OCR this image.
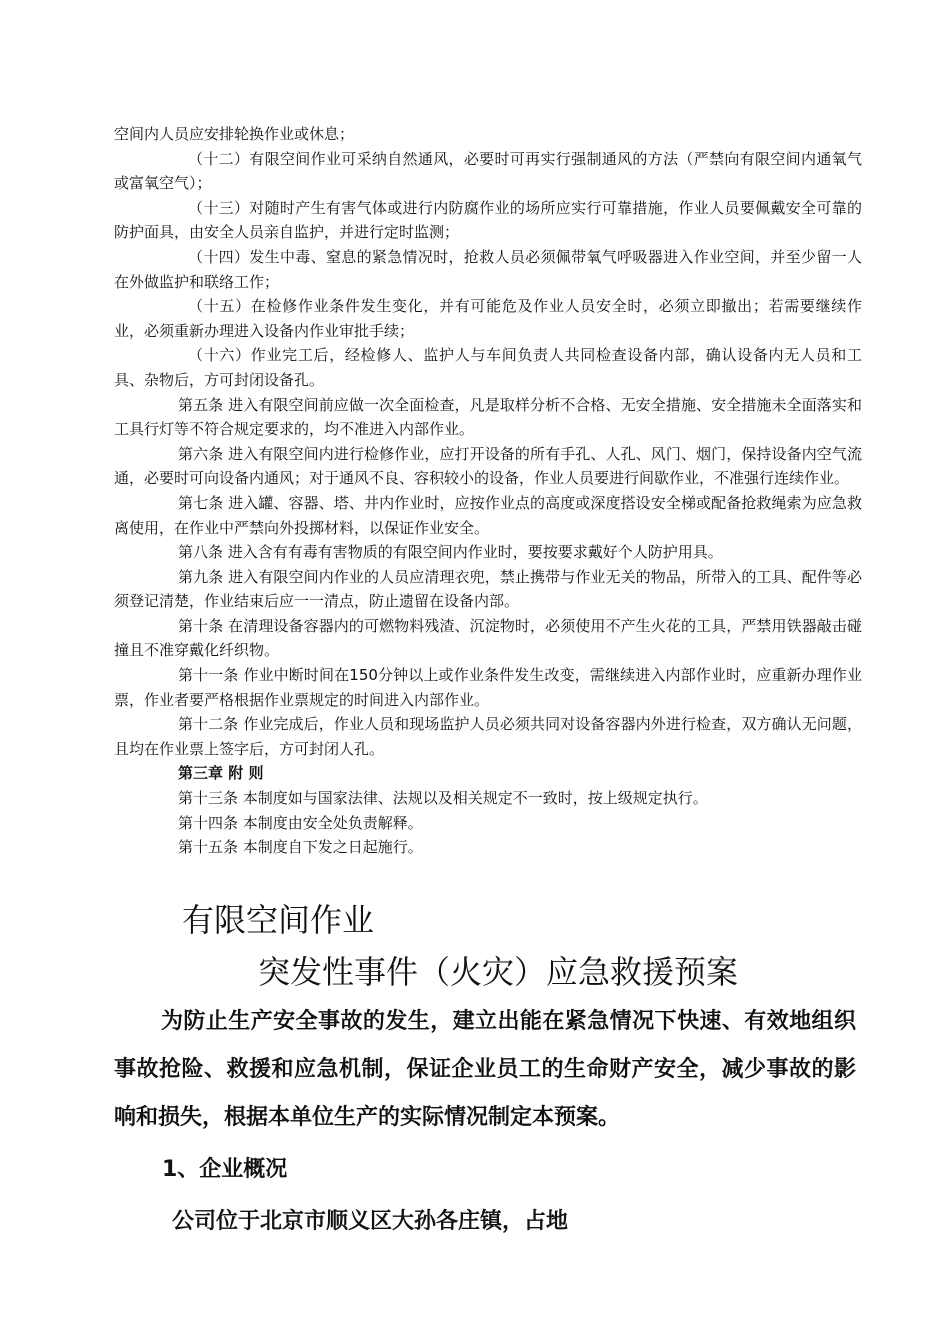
空间内人员应安排轮换作业或休息；

（十二）有限空间作业可采纳自然通风，必要时可再实行强制通风的方法（严禁向有限空间内通氧气或富氧空气）；

（十三）对随时产生有害气体或进行内防腐作业的场所应实行可靠措施，作业人员要佩戴安全可靠的防护面具，由安全人员亲自监护，并进行定时监测；

（十四）发生中毒、窒息的紧急情况时，抢救人员必须佩带氧气呼吸器进入作业空间，并至少留一人在外做监护和联络工作；

（十五）在检修作业条件发生变化，并有可能危及作业人员安全时，必须立即撤出；若需要继续作业，必须重新办理进入设备内作业审批手续；

（十六）作业完工后，经检修人、监护人与车间负责人共同检查设备内部，确认设备内无人员和工具、杂物后，方可封闭设备孔。

第五条 进入有限空间前应做一次全面检查，凡是取样分析不合格、无安全措施、安全措施未全面落实和工具行灯等不符合规定要求的，均不准进入内部作业。

第六条 进入有限空间内进行检修作业，应打开设备的所有手孔、人孔、风门、烟门，保持设备内空气流通，必要时可向设备内通风；对于通风不良、容积较小的设备，作业人员要进行间歇作业，不准强行连续作业。

第七条 进入罐、容器、塔、井内作业时，应按作业点的高度或深度搭设安全梯或配备抢救绳索为应急救离使用，在作业中严禁向外投掷材料，以保证作业安全。

第八条 进入含有有毒有害物质的有限空间内作业时，要按要求戴好个人防护用具。

第九条 进入有限空间内作业的人员应清理衣兜，禁止携带与作业无关的物品，所带入的工具、配件等必须登记清楚，作业结束后应一一清点，防止遗留在设备内部。

第十条 在清理设备容器内的可燃物料残渣、沉淀物时，必须使用不产生火花的工具，严禁用铁器敲击碰撞且不准穿戴化纤织物。

第十一条 作业中断时间在150分钟以上或作业条件发生改变，需继续进入内部作业时，应重新办理作业票，作业者要严格根据作业票规定的时间进入内部作业。

第十二条 作业完成后，作业人员和现场监护人员必须共同对设备容器内外进行检查，双方确认无问题，且均在作业票上签字后，方可封闭人孔。

第三章 附 则

第十三条 本制度如与国家法律、法规以及相关规定不一致时，按上级规定执行。

第十四条 本制度由安全处负责解释。

第十五条 本制度自下发之日起施行。

有限空间作业
突发性事件（火灾）应急救援预案

为防止生产安全事故的发生，建立出能在紧急情况下快速、有效地组织事故抢险、救援和应急机制，保证企业员工的生命财产安全，减少事故的影响和损失，根据本单位生产的实际情况制定本预案。

1、企业概况
公司位于北京市顺义区大孙各庄镇，占地
